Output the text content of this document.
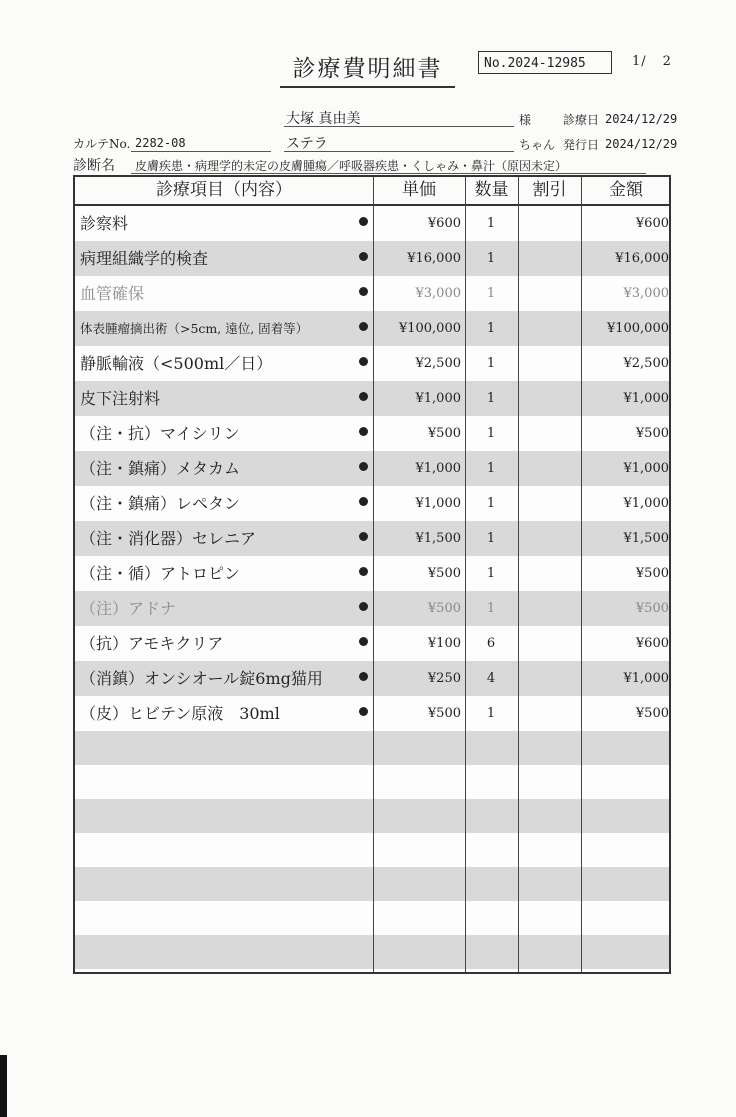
診療費明細書	No.2024-12985	1/ 2
大塚 真由美	様	診療日 2024/12/29
カルテNo. 2282-08	ステラ	ちゃん 発行日 2024/12/29
診断名 皮膚疾患・病理学的未定の皮膚腫瘍／呼吸器疾患・くしゃみ・鼻汁（原因未定）
診察料	¥600	1	¥600
病理組織学的検査	¥16,000	1	¥16,000
血管確保	¥3,000	1	¥3,000
体表腫瘤摘出術（>5cm, 遠位, 固着等）	¥100,000	1	¥100,000
静脈輸液（<500ml／日）	¥2,500	1	¥2,500
皮下注射料	¥1,000	1	¥1,000
（注・抗）マイシリン	¥500	1	¥500
（注・鎮痛）メタカム	¥1,000	1	¥1,000
（注・鎮痛）レペタン	¥1,000	1	¥1,000
（注・消化器）セレニア	¥1,500	1	¥1,500
（注・循）アトロピン	¥500	1	¥500
（注）アドナ	¥500	1	¥500
（抗）アモキクリア	¥100	6	¥600
（消鎮）オンシオール錠6mg猫用	¥250	4	¥1,000
（皮）ヒビテン原液　30ml	¥500	1	¥500
診療項目（内容）	単価	数量	割引	金額
